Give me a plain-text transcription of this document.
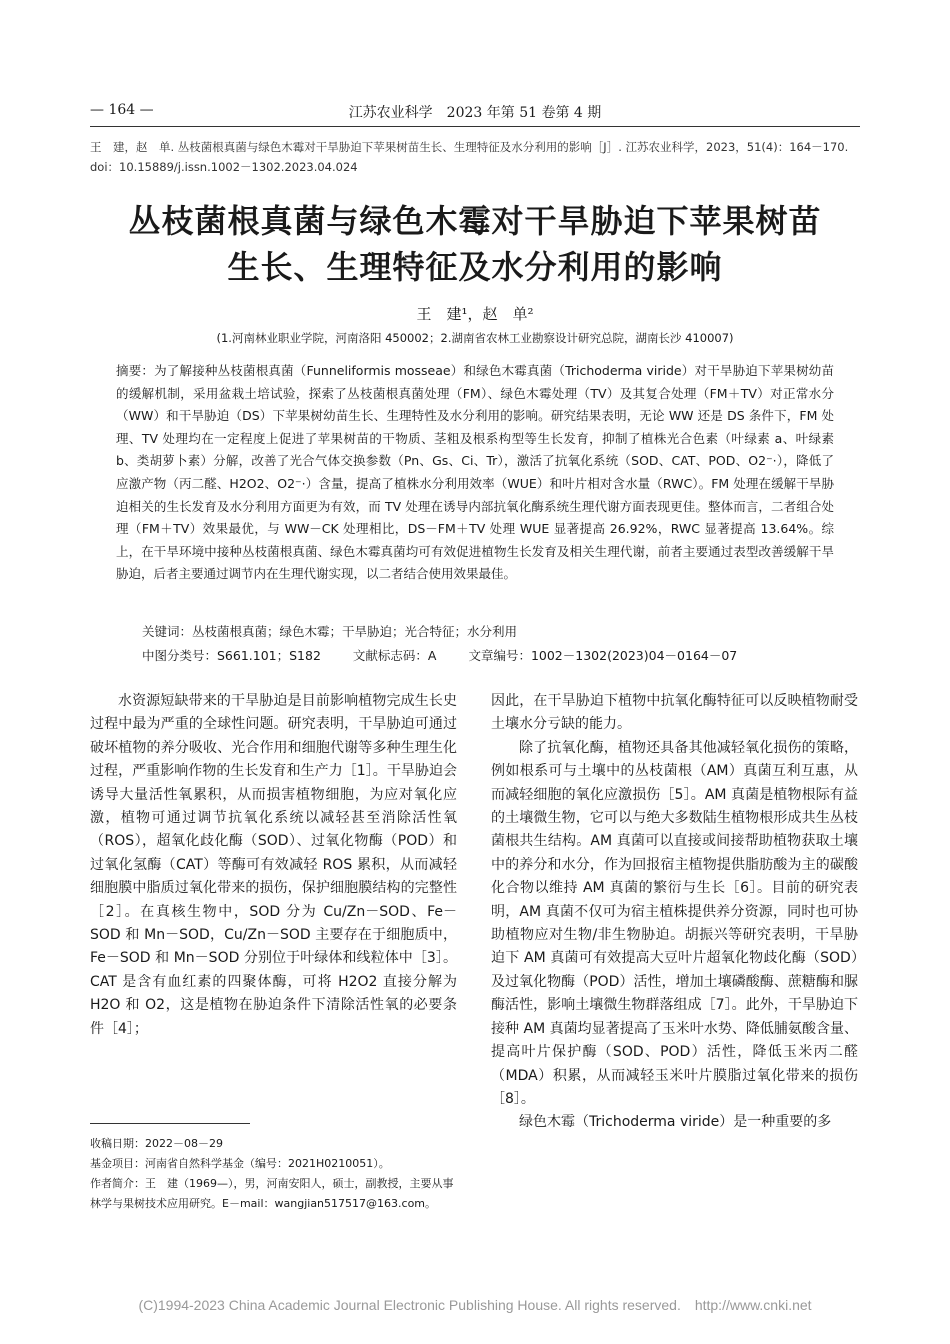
— 164 —	江苏农业科学　2023 年第 51 卷第 4 期
王　建，赵　单. 丛枝菌根真菌与绿色木霉对干旱胁迫下苹果树苗生长、生理特征及水分利用的影响［J］. 江苏农业科学，2023，51(4)：164－170.
doi：10.15889/j.issn.1002－1302.2023.04.024
丛枝菌根真菌与绿色木霉对干旱胁迫下苹果树苗
生长、生理特征及水分利用的影响
王　建¹，赵　单²
(1.河南林业职业学院，河南洛阳 450002；2.湖南省农林工业勘察设计研究总院，湖南长沙 410007)
摘要：为了解接种丛枝菌根真菌（Funneliformis mosseae）和绿色木霉真菌（Trichoderma viride）对干旱胁迫下苹果树幼苗的缓解机制，采用盆栽土培试验，探索了丛枝菌根真菌处理（FM）、绿色木霉处理（TV）及其复合处理（FM＋TV）对正常水分（WW）和干旱胁迫（DS）下苹果树幼苗生长、生理特性及水分利用的影响。研究结果表明，无论 WW 还是 DS 条件下，FM 处理、TV 处理均在一定程度上促进了苹果树苗的干物质、茎粗及根系构型等生长发育，抑制了植株光合色素（叶绿素 a、叶绿素 b、类胡萝卜素）分解，改善了光合气体交换参数（Pn、Gs、Ci、Tr），激活了抗氧化系统（SOD、CAT、POD、O2⁻·），降低了应激产物（丙二醛、H2O2、O2⁻·）含量，提高了植株水分利用效率（WUE）和叶片相对含水量（RWC）。FM 处理在缓解干旱胁迫相关的生长发育及水分利用方面更为有效，而 TV 处理在诱导内部抗氧化酶系统生理代谢方面表现更佳。整体而言，二者组合处理（FM＋TV）效果最优，与 WW－CK 处理相比，DS－FM＋TV 处理 WUE 显著提高 26.92%，RWC 显著提高 13.64%。综上，在干旱环境中接种丛枝菌根真菌、绿色木霉真菌均可有效促进植物生长发育及相关生理代谢，前者主要通过表型改善缓解干旱胁迫，后者主要通过调节内在生理代谢实现，以二者结合使用效果最佳。
关键词：丛枝菌根真菌；绿色木霉；干旱胁迫；光合特征；水分利用
中图分类号：S661.101；S182	文献标志码：A	文章编号：1002－1302(2023)04－0164－07

水资源短缺带来的干旱胁迫是目前影响植物完成生长史过程中最为严重的全球性问题。研究表明，干旱胁迫可通过破坏植物的养分吸收、光合作用和细胞代谢等多种生理生化过程，严重影响作物的生长发育和生产力［1］。干旱胁迫会诱导大量活性氧累积，从而损害植物细胞，为应对氧化应激，植物可通过调节抗氧化系统以减轻甚至消除活性氧（ROS），超氧化歧化酶（SOD）、过氧化物酶（POD）和过氧化氢酶（CAT）等酶可有效减轻 ROS 累积，从而减轻细胞膜中脂质过氧化带来的损伤，保护细胞膜结构的完整性［2］。在真核生物中，SOD 分为 Cu/Zn－SOD、Fe－SOD 和 Mn－SOD，Cu/Zn－SOD 主要存在于细胞质中，Fe－SOD 和 Mn－SOD 分别位于叶绿体和线粒体中［3］。CAT 是含有血红素的四聚体酶，可将 H2O2 直接分解为 H2O 和 O2，这是植物在胁迫条件下清除活性氧的必要条件［4］；

因此，在干旱胁迫下植物中抗氧化酶特征可以反映植物耐受土壤水分亏缺的能力。

除了抗氧化酶，植物还具备其他减轻氧化损伤的策略，例如根系可与土壤中的丛枝菌根（AM）真菌互利互惠，从而减轻细胞的氧化应激损伤［5］。AM 真菌是植物根际有益的土壤微生物，它可以与绝大多数陆生植物根形成共生丛枝菌根共生结构。AM 真菌可以直接或间接帮助植物获取土壤中的养分和水分，作为回报宿主植物提供脂肪酸为主的碳酸化合物以维持 AM 真菌的繁衍与生长［6］。目前的研究表明，AM 真菌不仅可为宿主植株提供养分资源，同时也可协助植物应对生物/非生物胁迫。胡振兴等研究表明，干旱胁迫下 AM 真菌可有效提高大豆叶片超氧化物歧化酶（SOD）及过氧化物酶（POD）活性，增加土壤磷酸酶、蔗糖酶和脲酶活性，影响土壤微生物群落组成［7］。此外，干旱胁迫下接种 AM 真菌均显著提高了玉米叶水势、降低脯氨酸含量、提高叶片保护酶（SOD、POD）活性，降低玉米丙二醛（MDA）积累，从而减轻玉米叶片膜脂过氧化带来的损伤［8］。

绿色木霉（Trichoderma viride）是一种重要的多

收稿日期：2022－08－29
基金项目：河南省自然科学基金（编号：2021H0210051）。
作者简介：王　建（1969—），男，河南安阳人，硕士，副教授，主要从事林学与果树技术应用研究。E－mail：wangjian517517@163.com。
(C)1994-2023 China Academic Journal Electronic Publishing House. All rights reserved.　http://www.cnki.net
